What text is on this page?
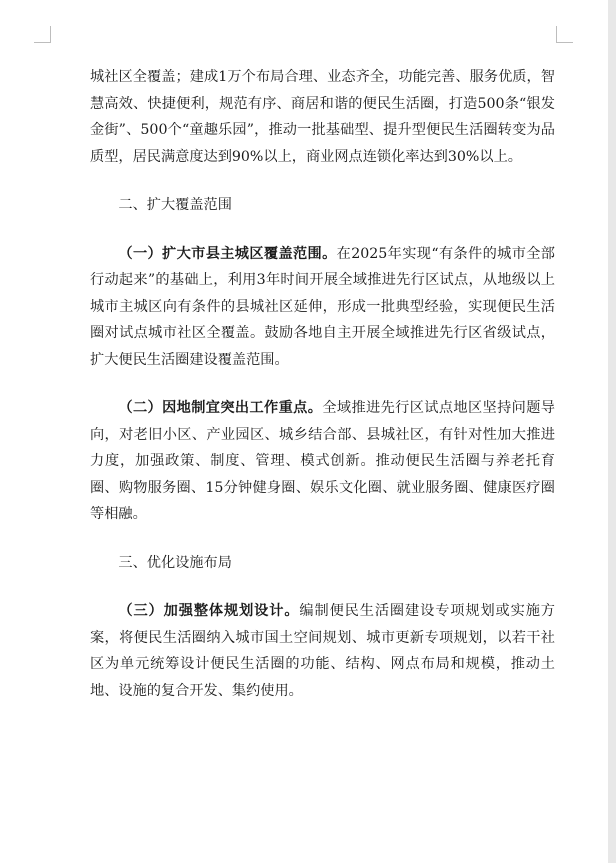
城社区全覆盖；建成1万个布局合理、业态齐全，功能完善、服务优质，智慧高效、快捷便利，规范有序、商居和谐的便民生活圈，打造500条“银发金街”、500个“童趣乐园”，推动一批基础型、提升型便民生活圈转变为品质型，居民满意度达到90%以上，商业网点连锁化率达到30%以上。

二、扩大覆盖范围

（一）扩大市县主城区覆盖范围。在2025年实现“有条件的城市全部行动起来”的基础上，利用3年时间开展全域推进先行区试点，从地级以上城市主城区向有条件的县城社区延伸，形成一批典型经验，实现便民生活圈对试点城市社区全覆盖。鼓励各地自主开展全域推进先行区省级试点，扩大便民生活圈建设覆盖范围。

（二）因地制宜突出工作重点。全域推进先行区试点地区坚持问题导向，对老旧小区、产业园区、城乡结合部、县城社区，有针对性加大推进力度，加强政策、制度、管理、模式创新。推动便民生活圈与养老托育圈、购物服务圈、15分钟健身圈、娱乐文化圈、就业服务圈、健康医疗圈等相融。

三、优化设施布局

（三）加强整体规划设计。编制便民生活圈建设专项规划或实施方案，将便民生活圈纳入城市国土空间规划、城市更新专项规划，以若干社区为单元统筹设计便民生活圈的功能、结构、网点布局和规模，推动土地、设施的复合开发、集约使用。
